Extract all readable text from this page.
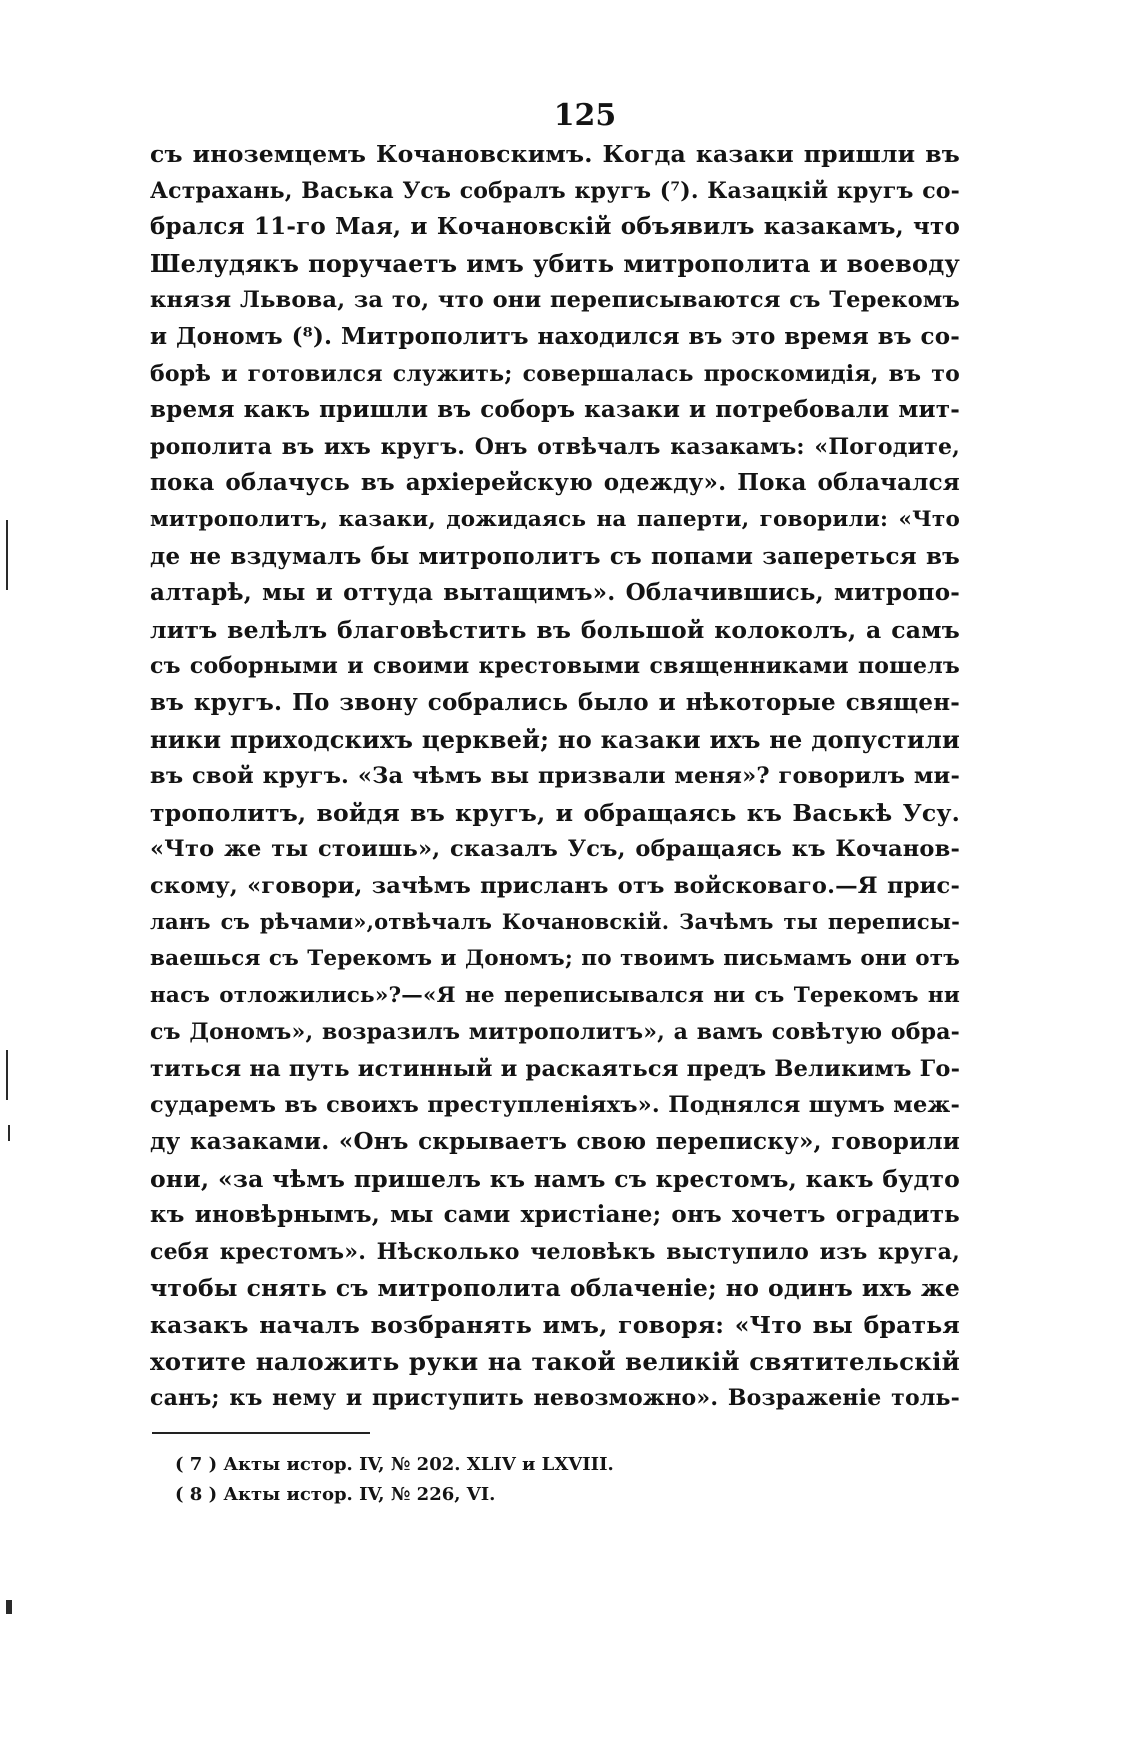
125
съ иноземцемъ Кочановскимъ. Когда казаки пришли въ
Астрахань, Васька Усъ собралъ кругъ (⁷). Казацкій кругъ со-
брался 11-го Мая, и Кочановскій объявилъ казакамъ, что
Шелудякъ поручаетъ имъ убить митрополита и воеводу
князя Львова, за то, что они переписываются съ Терекомъ
и Дономъ (⁸). Митрополитъ находился въ это время въ со-
борѣ и готовился служить; совершалась проскомидія, въ то
время какъ пришли въ соборъ казаки и потребовали мит-
рополита въ ихъ кругъ. Онъ отвѣчалъ казакамъ: «Погодите,
пока облачусь въ архіерейскую одежду». Пока облачался
митрополитъ, казаки, дожидаясь на паперти, говорили: «Что
де не вздумалъ бы митрополитъ съ попами запереться въ
алтарѣ, мы и оттуда вытащимъ». Облачившись, митропо-
литъ велѣлъ благовѣстить въ большой колоколъ, а самъ
съ соборными и своими крестовыми священниками пошелъ
въ кругъ. По звону собрались было и нѣкоторые священ-
ники приходскихъ церквей; но казаки ихъ не допустили
въ свой кругъ. «За чѣмъ вы призвали меня»? говорилъ ми-
трополитъ, войдя въ кругъ, и обращаясь къ Васькѣ Усу.
«Что же ты стоишь», сказалъ Усъ, обращаясь къ Кочанов-
скому, «говори, зачѣмъ присланъ отъ войсковаго.—Я прис-
ланъ съ рѣчами»,отвѣчалъ Кочановскій. Зачѣмъ ты переписы-
ваешься съ Терекомъ и Дономъ; по твоимъ письмамъ они отъ
насъ отложились»?—«Я не переписывался ни съ Терекомъ ни
съ Дономъ», возразилъ митрополитъ», а вамъ совѣтую обра-
титься на путь истинный и раскаяться предъ Великимъ Го-
сударемъ въ своихъ преступленіяхъ». Поднялся шумъ меж-
ду казаками. «Онъ скрываетъ свою переписку», говорили
они, «за чѣмъ пришелъ къ намъ съ крестомъ, какъ будто
къ иновѣрнымъ, мы сами христіане; онъ хочетъ оградить
себя крестомъ». Нѣсколько человѣкъ выступило изъ круга,
чтобы снять съ митрополита облаченіе; но одинъ ихъ же
казакъ началъ возбранять имъ, говоря: «Что вы братья
хотите наложить руки на такой великій святительскій
санъ; къ нему и приступить невозможно». Возраженіе толь-
( 7 ) Акты истор. IV, № 202. XLIV и LXVIII.
( 8 ) Акты истор. IV, № 226, VI.
